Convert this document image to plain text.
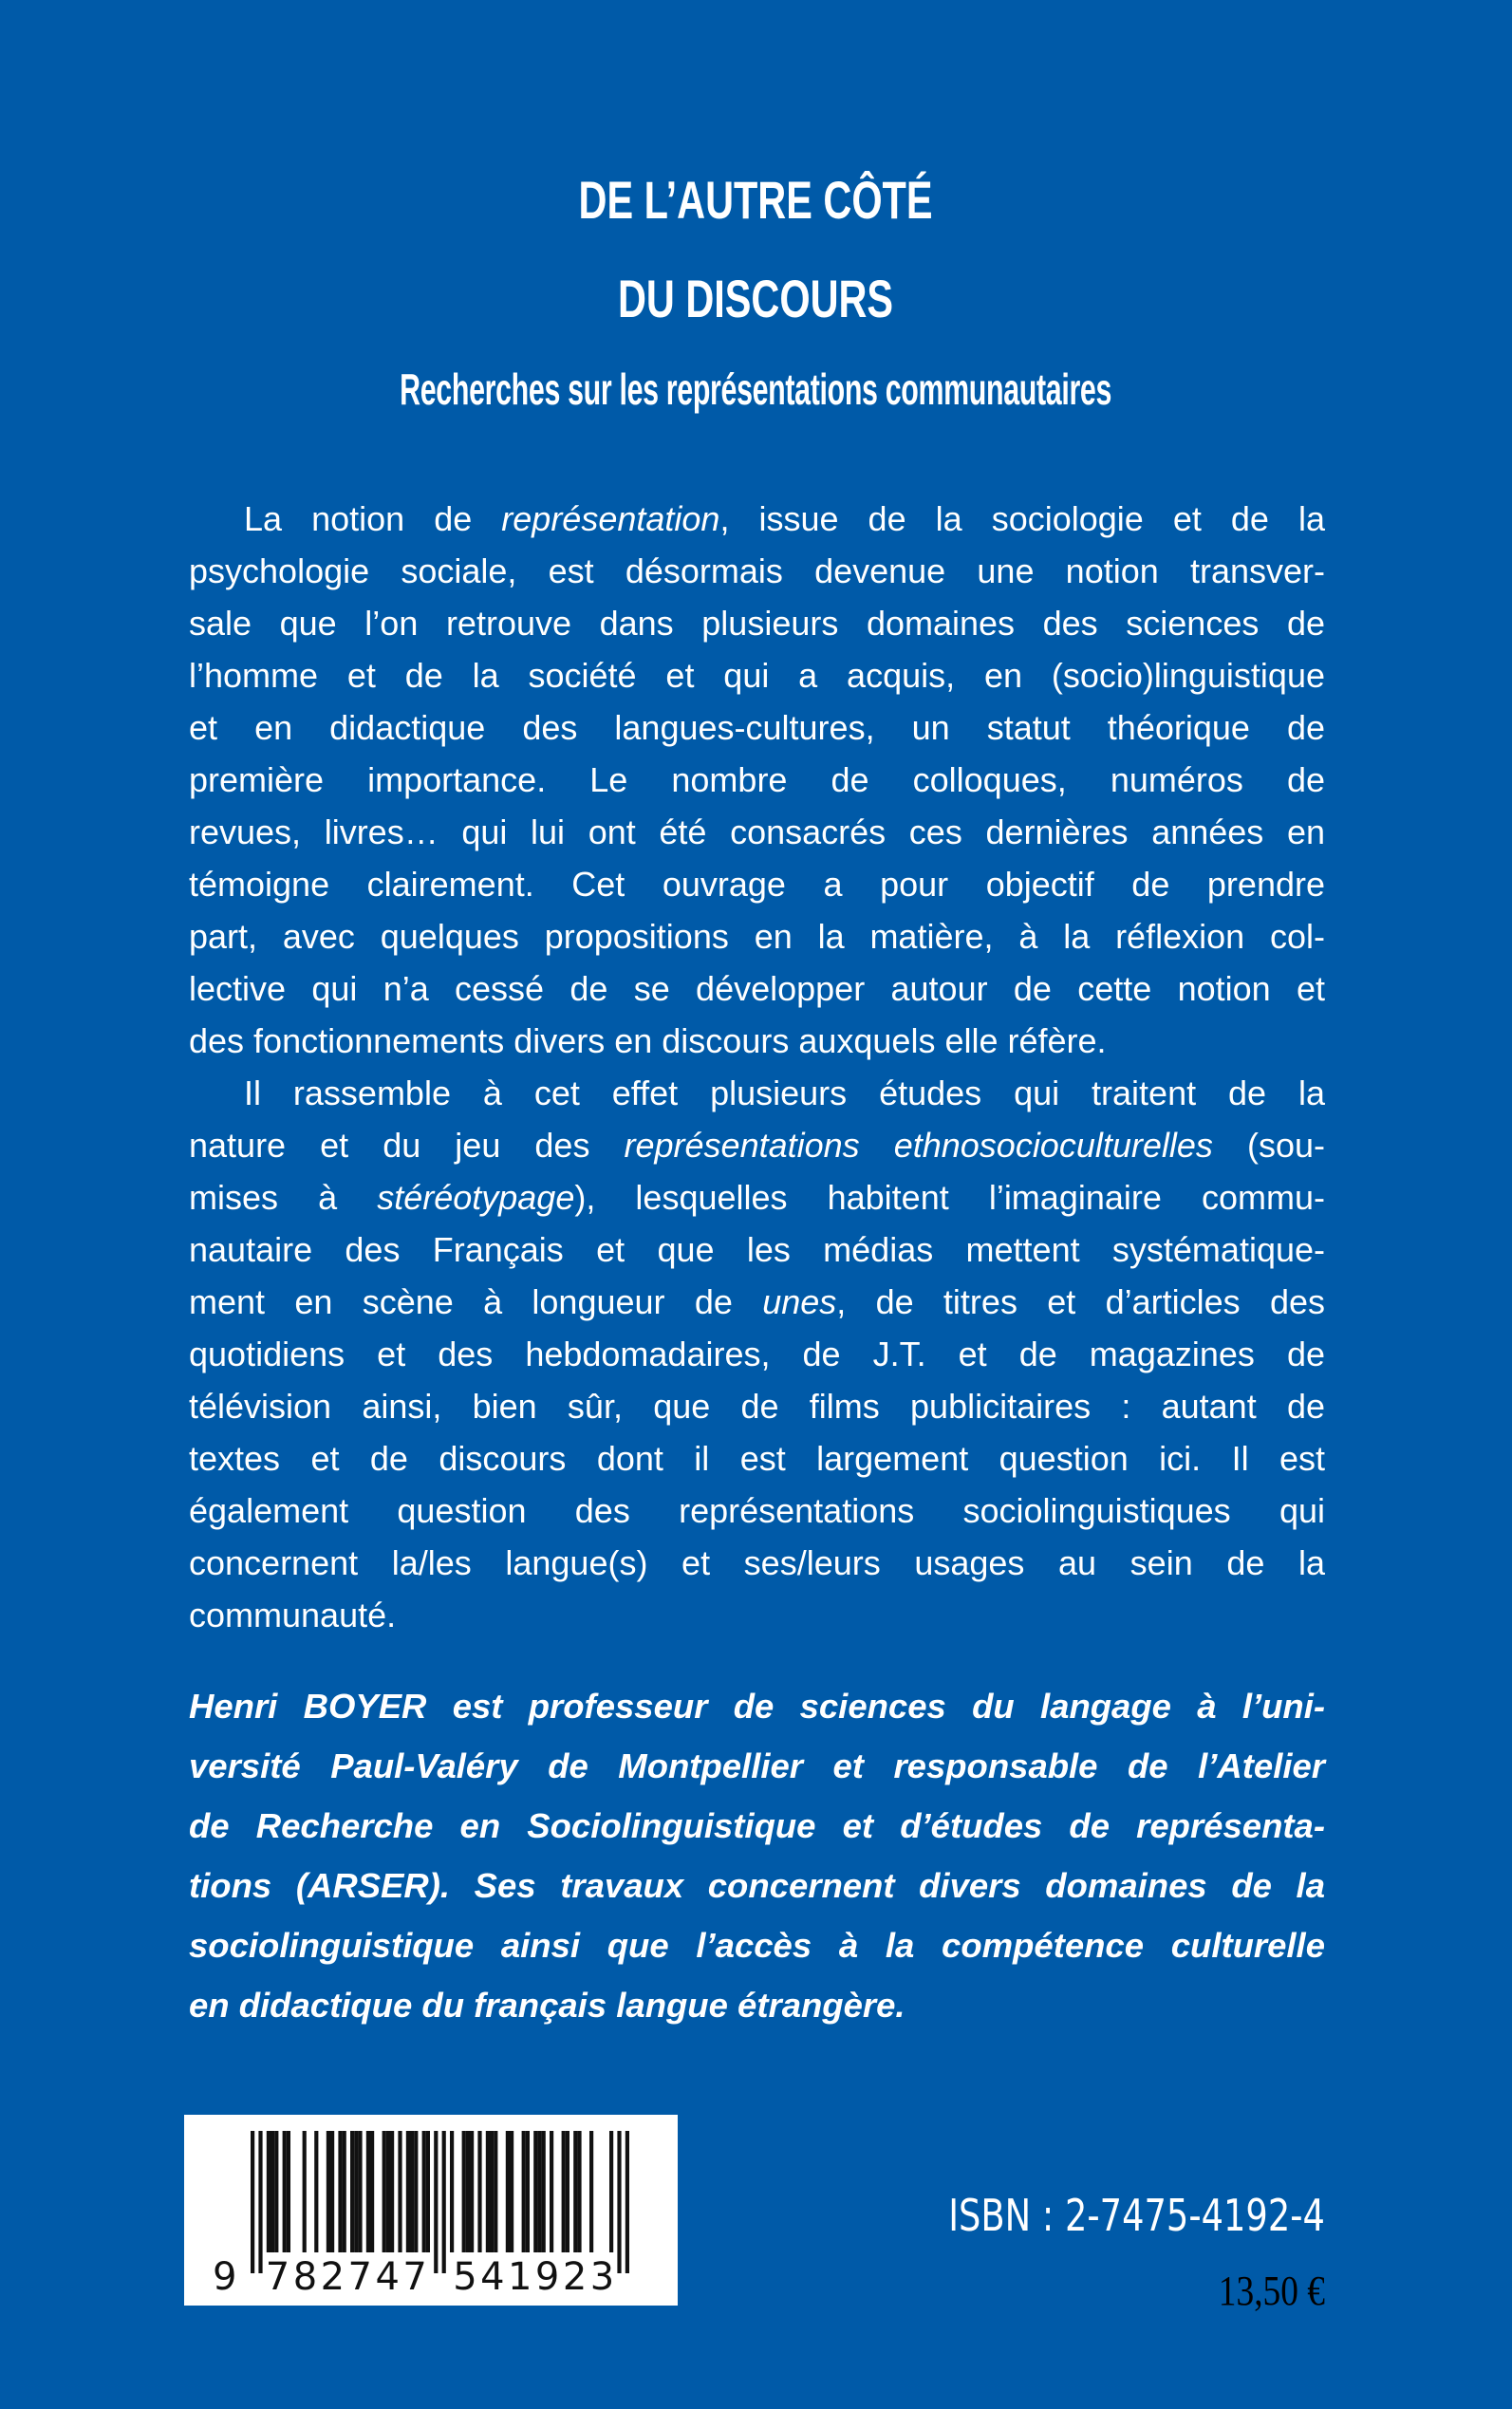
DE L’AUTRE CÔTÉ
DU DISCOURS
Recherches sur les représentations communautaires
La notion de représentation, issue de la sociologie et de la
psychologie sociale, est désormais devenue une notion transver-
sale que l’on retrouve dans plusieurs domaines des sciences de
l’homme et de la société et qui a acquis, en (socio)linguistique
et en didactique des langues-cultures, un statut théorique de
première importance. Le nombre de colloques, numéros de
revues, livres… qui lui ont été consacrés ces dernières années en
témoigne clairement. Cet ouvrage a pour objectif de prendre
part, avec quelques propositions en la matière, à la réflexion col-
lective qui n’a cessé de se développer autour de cette notion et
des fonctionnements divers en discours auxquels elle réfère.
Il rassemble à cet effet plusieurs études qui traitent de la
nature et du jeu des représentations ethnosocioculturelles (sou-
mises à stéréotypage), lesquelles habitent l’imaginaire commu-
nautaire des Français et que les médias mettent systématique-
ment en scène à longueur de unes, de titres et d’articles des
quotidiens et des hebdomadaires, de J.T. et de magazines de
télévision ainsi, bien sûr, que de films publicitaires : autant de
textes et de discours dont il est largement question ici. Il est
également question des représentations sociolinguistiques qui
concernent la/les langue(s) et ses/leurs usages au sein de la
communauté.
Henri BOYER est professeur de sciences du langage à l’uni-
versité Paul-Valéry de Montpellier et responsable de l’Atelier
de Recherche en Sociolinguistique et d’études de représenta-
tions (ARSER). Ses travaux concernent divers domaines de la
sociolinguistique ainsi que l’accès à la compétence culturelle
en didactique du français langue étrangère.
9 782747 541923
ISBN : 2-7475-4192-4
13,50 €
